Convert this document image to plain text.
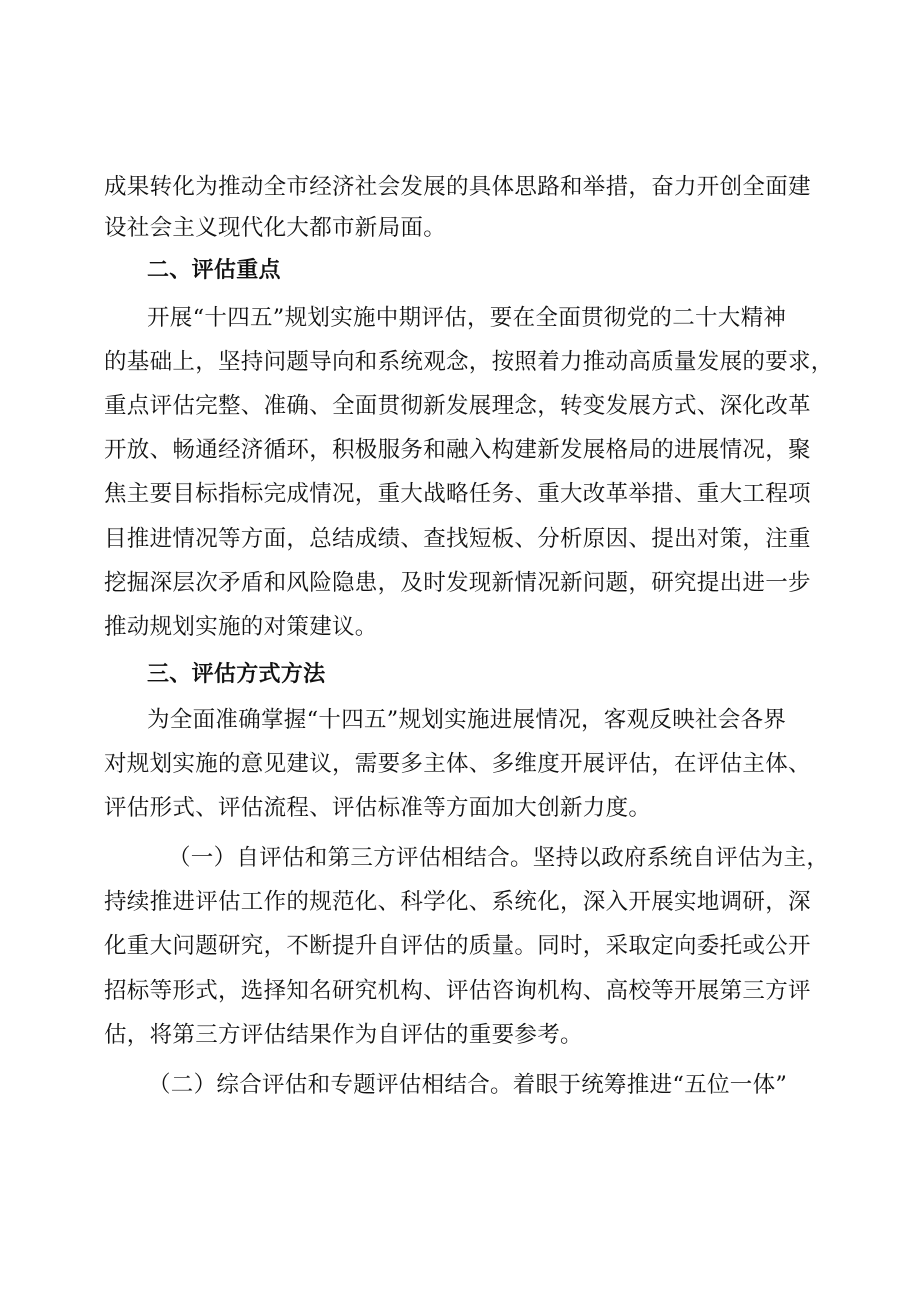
成果转化为推动全市经济社会发展的具体思路和举措，奋力开创全面建
设社会主义现代化大都市新局面。
二、评估重点
开展“十四五”规划实施中期评估，要在全面贯彻党的二十大精神
的基础上，坚持问题导向和系统观念，按照着力推动高质量发展的要求，
重点评估完整、准确、全面贯彻新发展理念，转变发展方式、深化改革
开放、畅通经济循环，积极服务和融入构建新发展格局的进展情况，聚
焦主要目标指标完成情况，重大战略任务、重大改革举措、重大工程项
目推进情况等方面，总结成绩、查找短板、分析原因、提出对策，注重
挖掘深层次矛盾和风险隐患，及时发现新情况新问题，研究提出进一步
推动规划实施的对策建议。
三、评估方式方法
为全面准确掌握“十四五”规划实施进展情况，客观反映社会各界
对规划实施的意见建议，需要多主体、多维度开展评估，在评估主体、
评估形式、评估流程、评估标准等方面加大创新力度。
（一）自评估和第三方评估相结合。坚持以政府系统自评估为主，
持续推进评估工作的规范化、科学化、系统化，深入开展实地调研，深
化重大问题研究，不断提升自评估的质量。同时，采取定向委托或公开
招标等形式，选择知名研究机构、评估咨询机构、高校等开展第三方评
估，将第三方评估结果作为自评估的重要参考。
（二）综合评估和专题评估相结合。着眼于统筹推进“五位一体”
